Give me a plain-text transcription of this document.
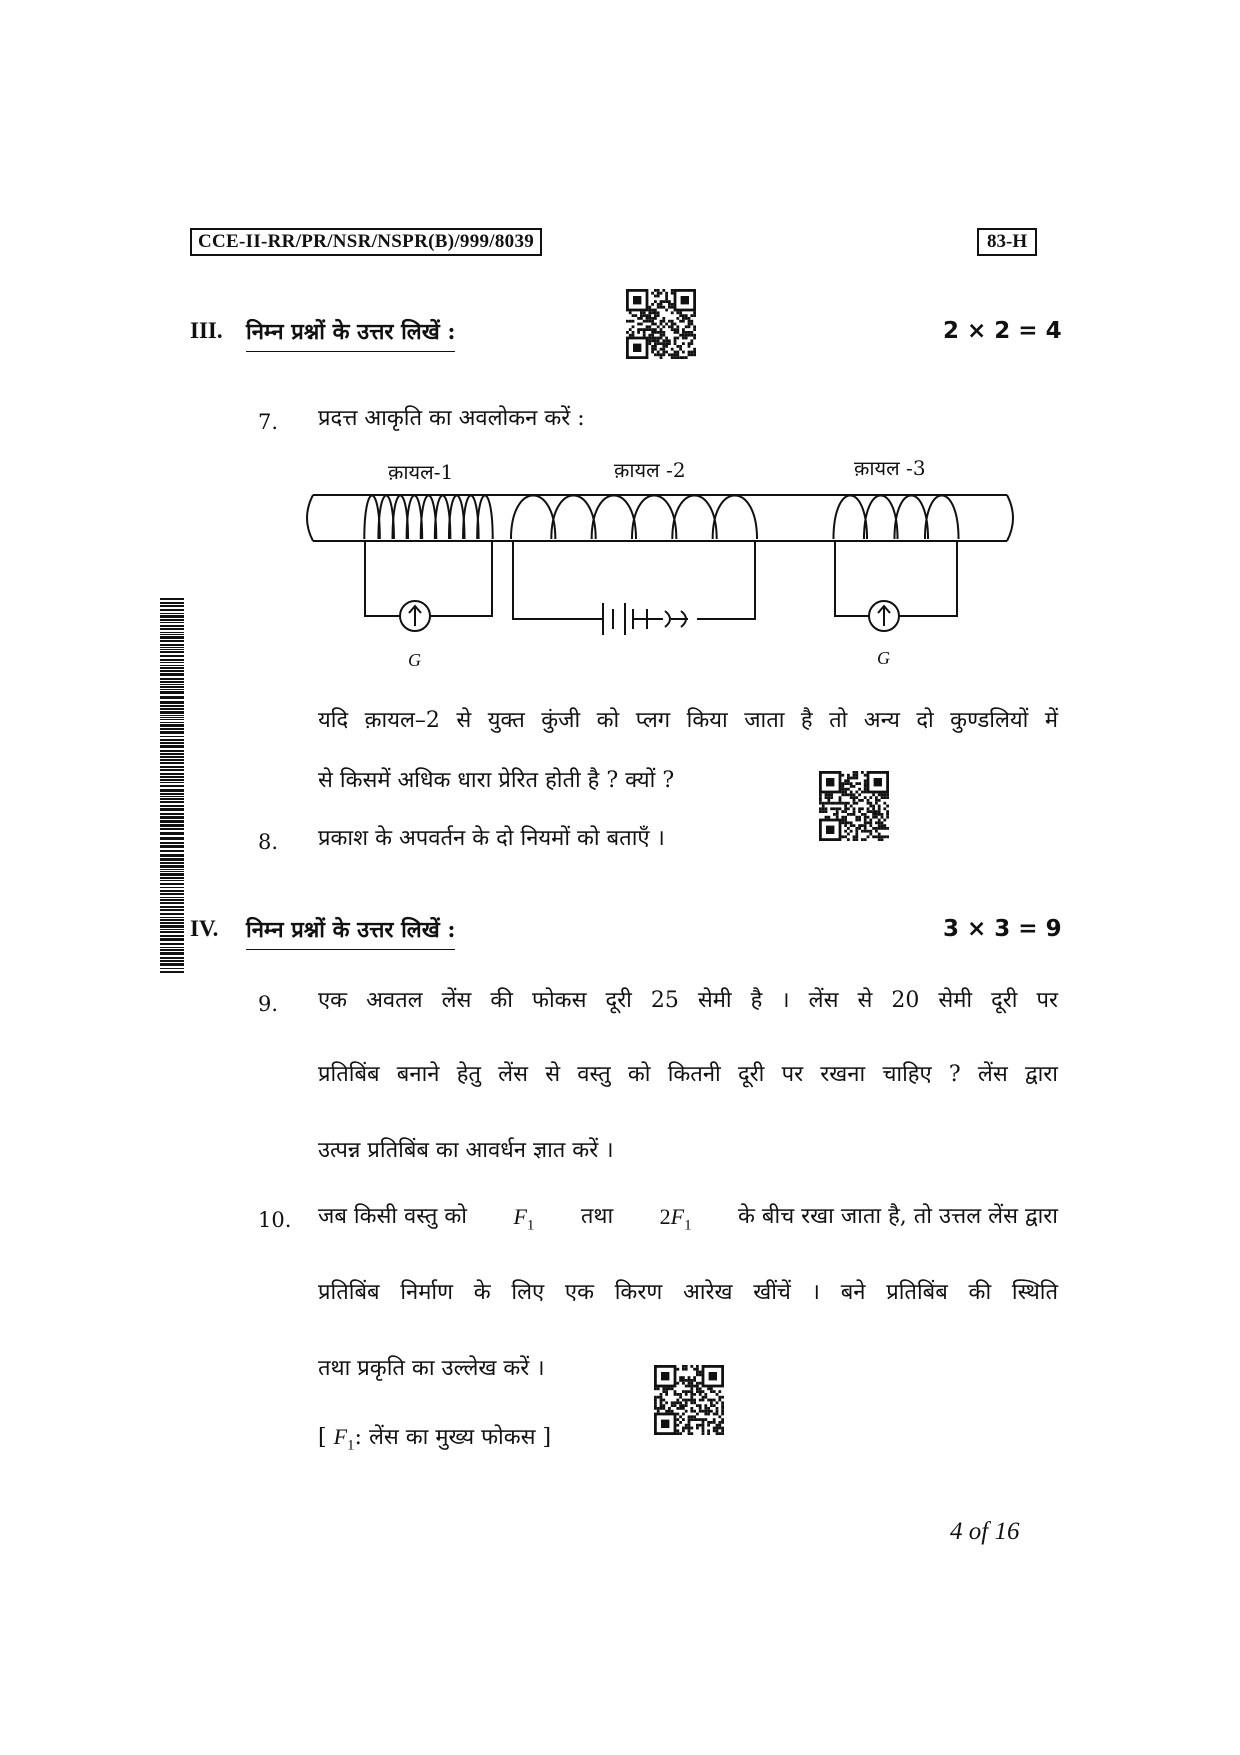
CCE-II-RR/PR/NSR/NSPR(B)/999/8039	83-H
III. निम्न प्रश्नों के उत्तर लिखें :	2 × 2 = 4
7. प्रदत्त आकृति का अवलोकन करें :
क़ायल-1	क़ायल -2	क़ायल -3
G	G
यदि क़ायल–2 से युक्त कुंजी को प्लग किया जाता है तो अन्य दो कुण्डलियों में
से किसमें अधिक धारा प्रेरित होती है ? क्यों ?
8. प्रकाश के अपवर्तन के दो नियमों को बताएँ ।
IV. निम्न प्रश्नों के उत्तर लिखें :	3 × 3 = 9
9. एक अवतल लेंस की फोकस दूरी 25 सेमी है । लेंस से 20 सेमी दूरी पर
प्रतिबिंब बनाने हेतु लेंस से वस्तु को कितनी दूरी पर रखना चाहिए ? लेंस द्वारा
उत्पन्न प्रतिबिंब का आवर्धन ज्ञात करें ।
10. जब किसी वस्तु को $F_1$ तथा $2F_1$ के बीच रखा जाता है, तो उत्तल लेंस द्वारा
प्रतिबिंब निर्माण के लिए एक किरण आरेख खींचें । बने प्रतिबिंब की स्थिति
तथा प्रकृति का उल्लेख करें ।
[ $F_1$: लेंस का मुख्य फोकस ]
4 of 16
